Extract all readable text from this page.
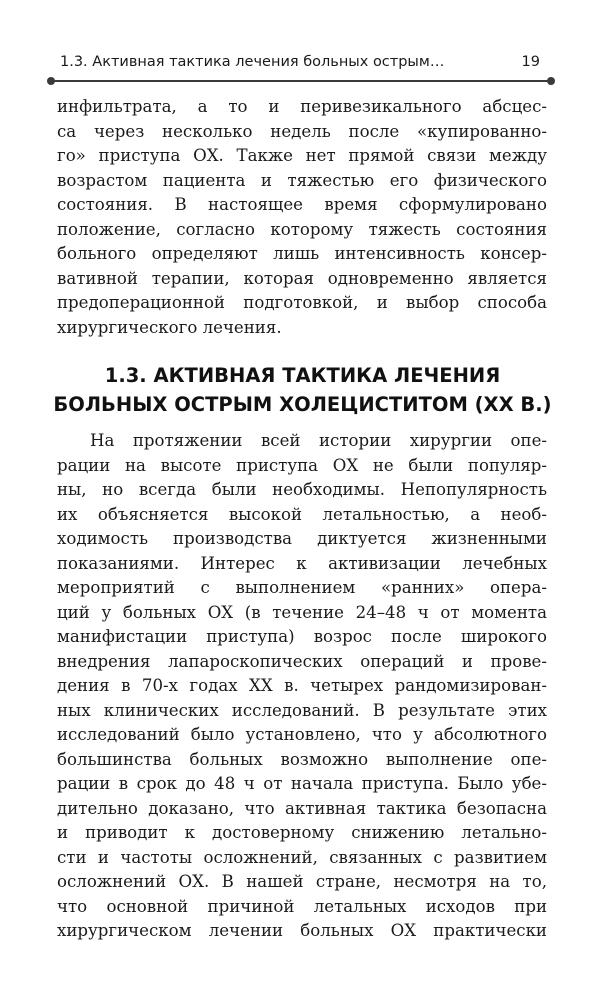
1.3. Активная тактика лечения больных острым…	19
инфильтрата, а то и перивезикального абсцес-
са через несколько недель после «купированно-
го» приступа ОХ. Также нет прямой связи между
возрастом пациента и тяжестью его физического
состояния. В настоящее время сформулировано
положение, согласно которому тяжесть состояния
больного определяют лишь интенсивность консер-
вативной терапии, которая одновременно является
предоперационной подготовкой, и выбор способа
хирургического лечения.
1.3. АКТИВНАЯ ТАКТИКА ЛЕЧЕНИЯ
БОЛЬНЫХ ОСТРЫМ ХОЛЕЦИСТИТОМ (XX В.)
На протяжении всей истории хирургии опе-
рации на высоте приступа ОХ не были популяр-
ны, но всегда были необходимы. Непопулярность
их объясняется высокой летальностью, а необ-
ходимость производства диктуется жизненными
показаниями. Интерес к активизации лечебных
мероприятий с выполнением «ранних» опера-
ций у больных ОХ (в течение 24–48 ч от момента
манифистации приступа) возрос после широкого
внедрения лапароскопических операций и прове-
дения в 70-х годах XX в. четырех рандомизирован-
ных клинических исследований. В результате этих
исследований было установлено, что у абсолютного
большинства больных возможно выполнение опе-
рации в срок до 48 ч от начала приступа. Было убе-
дительно доказано, что активная тактика безопасна
и приводит к достоверному снижению летально-
сти и частоты осложнений, связанных с развитием
осложнений ОХ. В нашей стране, несмотря на то,
что основной причиной летальных исходов при
хирургическом лечении больных ОХ практически
